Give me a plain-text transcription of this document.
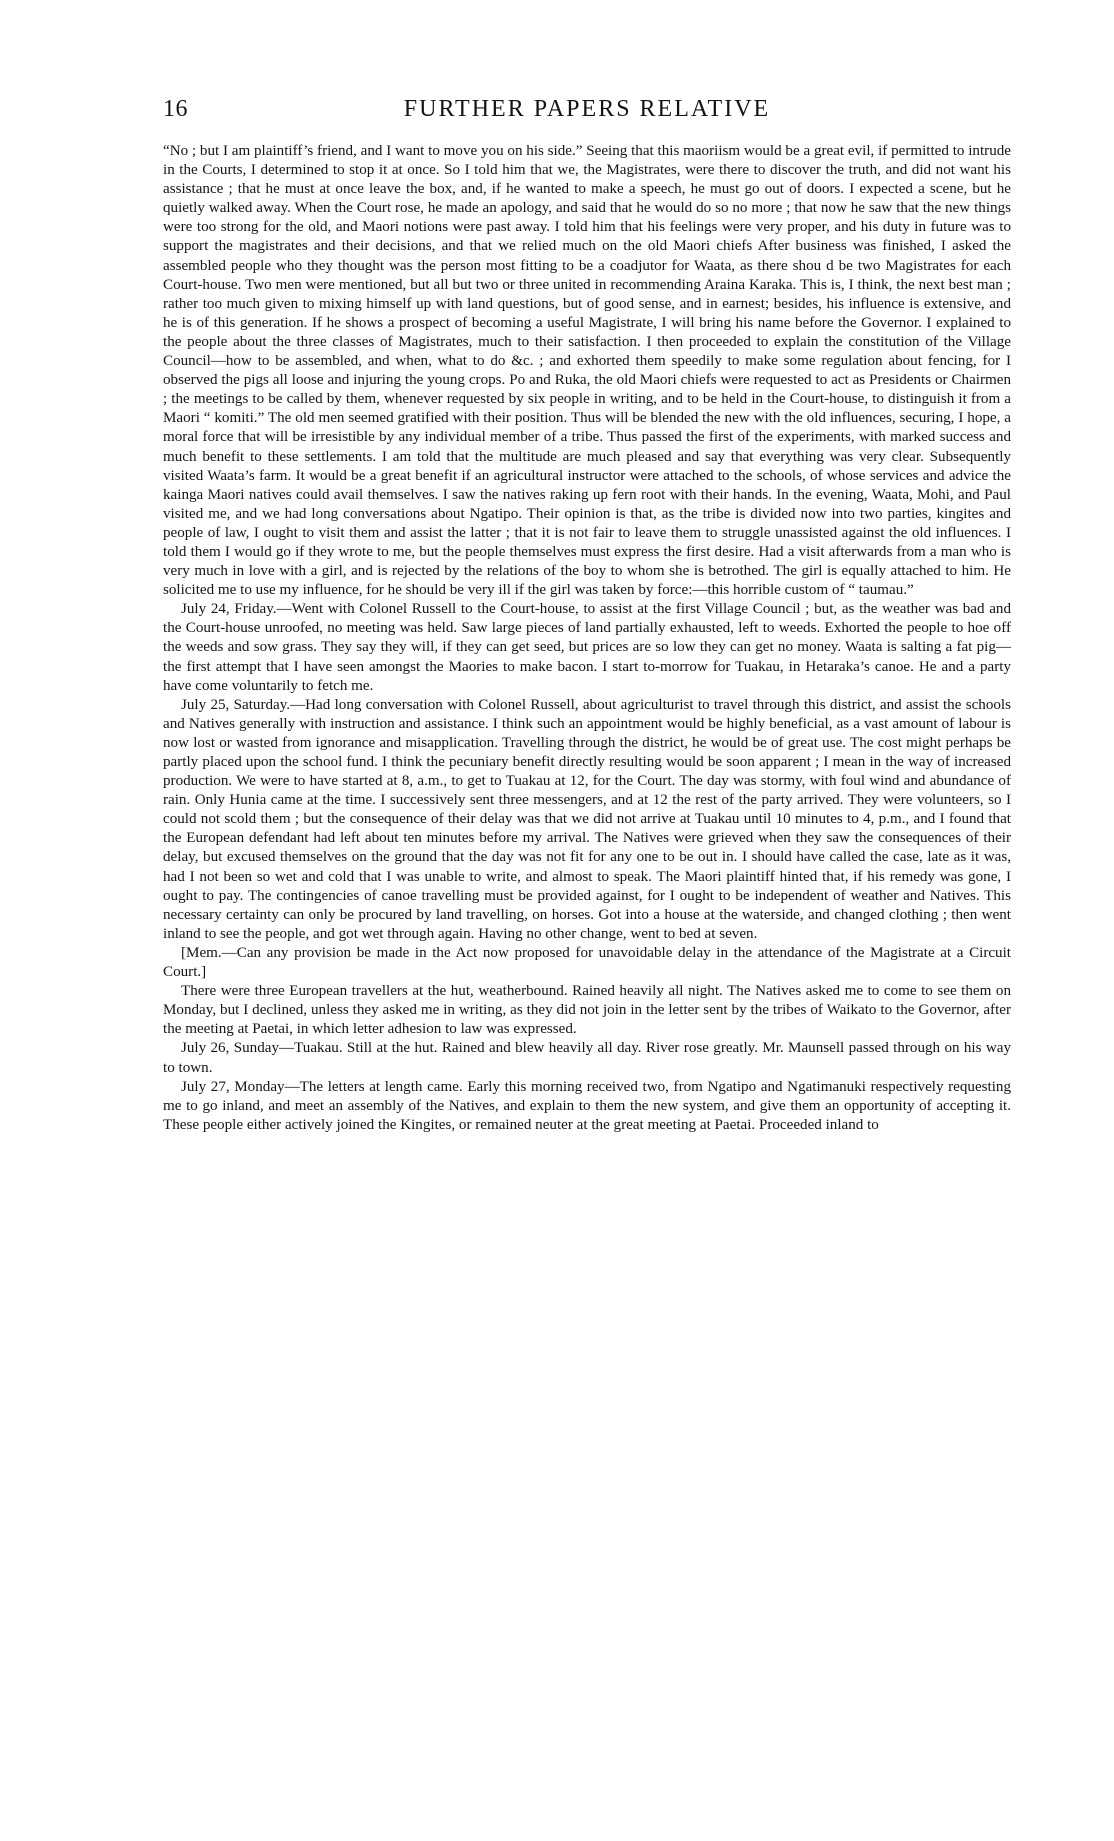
16	FURTHER PAPERS RELATIVE

“No ; but I am plaintiff’s friend, and I want to move you on his side.” Seeing that this maoriism would be a great evil, if permitted to intrude in the Courts, I determined to stop it at once. So I told him that we, the Magistrates, were there to discover the truth, and did not want his assistance ; that he must at once leave the box, and, if he wanted to make a speech, he must go out of doors. I expected a scene, but he quietly walked away. When the Court rose, he made an apology, and said that he would do so no more ; that now he saw that the new things were too strong for the old, and Maori notions were past away. I told him that his feelings were very proper, and his duty in future was to support the magistrates and their decisions, and that we relied much on the old Maori chiefs After business was finished, I asked the assembled people who they thought was the person most fitting to be a coadjutor for Waata, as there shou d be two Magistrates for each Court-house. Two men were mentioned, but all but two or three united in recommending Araina Karaka. This is, I think, the next best man ; rather too much given to mixing himself up with land questions, but of good sense, and in earnest; besides, his influence is extensive, and he is of this generation. If he shows a prospect of becoming a useful Magistrate, I will bring his name before the Governor. I explained to the people about the three classes of Magistrates, much to their satisfaction. I then proceeded to explain the constitution of the Village Council—how to be assembled, and when, what to do &c. ; and exhorted them speedily to make some regulation about fencing, for I observed the pigs all loose and injuring the young crops. Po and Ruka, the old Maori chiefs were requested to act as Presidents or Chairmen ; the meetings to be called by them, whenever requested by six people in writing, and to be held in the Court-house, to distinguish it from a Maori “ komiti.” The old men seemed gratified with their position. Thus will be blended the new with the old influences, securing, I hope, a moral force that will be irresistible by any individual member of a tribe. Thus passed the first of the experiments, with marked success and much benefit to these settlements. I am told that the multitude are much pleased and say that everything was very clear. Subsequently visited Waata’s farm. It would be a great benefit if an agricultural instructor were attached to the schools, of whose services and advice the kainga Maori natives could avail themselves. I saw the natives raking up fern root with their hands. In the evening, Waata, Mohi, and Paul visited me, and we had long conversations about Ngatipo. Their opinion is that, as the tribe is divided now into two parties, kingites and people of law, I ought to visit them and assist the latter ; that it is not fair to leave them to struggle unassisted against the old influences. I told them I would go if they wrote to me, but the people themselves must express the first desire. Had a visit afterwards from a man who is very much in love with a girl, and is rejected by the relations of the boy to whom she is betrothed. The girl is equally attached to him. He solicited me to use my influence, for he should be very ill if the girl was taken by force:—this horrible custom of “ taumau.”

July 24, Friday.—Went with Colonel Russell to the Court-house, to assist at the first Village Council ; but, as the weather was bad and the Court-house unroofed, no meeting was held. Saw large pieces of land partially exhausted, left to weeds. Exhorted the people to hoe off the weeds and sow grass. They say they will, if they can get seed, but prices are so low they can get no money. Waata is salting a fat pig—the first attempt that I have seen amongst the Maories to make bacon. I start to-morrow for Tuakau, in Hetaraka’s canoe. He and a party have come voluntarily to fetch me.

July 25, Saturday.—Had long conversation with Colonel Russell, about agriculturist to travel through this district, and assist the schools and Natives generally with instruction and assistance. I think such an appointment would be highly beneficial, as a vast amount of labour is now lost or wasted from ignorance and misapplication. Travelling through the district, he would be of great use. The cost might perhaps be partly placed upon the school fund. I think the pecuniary benefit directly resulting would be soon apparent ; I mean in the way of increased production. We were to have started at 8, a.m., to get to Tuakau at 12, for the Court. The day was stormy, with foul wind and abundance of rain. Only Hunia came at the time. I successively sent three messengers, and at 12 the rest of the party arrived. They were volunteers, so I could not scold them ; but the consequence of their delay was that we did not arrive at Tuakau until 10 minutes to 4, p.m., and I found that the European defendant had left about ten minutes before my arrival. The Natives were grieved when they saw the consequences of their delay, but excused themselves on the ground that the day was not fit for any one to be out in. I should have called the case, late as it was, had I not been so wet and cold that I was unable to write, and almost to speak. The Maori plaintiff hinted that, if his remedy was gone, I ought to pay. The contingencies of canoe travelling must be provided against, for I ought to be independent of weather and Natives. This necessary certainty can only be procured by land travelling, on horses. Got into a house at the waterside, and changed clothing ; then went inland to see the people, and got wet through again. Having no other change, went to bed at seven.

[Mem.—Can any provision be made in the Act now proposed for unavoidable delay in the attendance of the Magistrate at a Circuit Court.]

There were three European travellers at the hut, weatherbound. Rained heavily all night. The Natives asked me to come to see them on Monday, but I declined, unless they asked me in writing, as they did not join in the letter sent by the tribes of Waikato to the Governor, after the meeting at Paetai, in which letter adhesion to law was expressed.

July 26, Sunday—Tuakau. Still at the hut. Rained and blew heavily all day. River rose greatly. Mr. Maunsell passed through on his way to town.

July 27, Monday—The letters at length came. Early this morning received two, from Ngatipo and Ngatimanuki respectively requesting me to go inland, and meet an assembly of the Natives, and explain to them the new system, and give them an opportunity of accepting it. These people either actively joined the Kingites, or remained neuter at the great meeting at Paetai. Proceeded inland to
